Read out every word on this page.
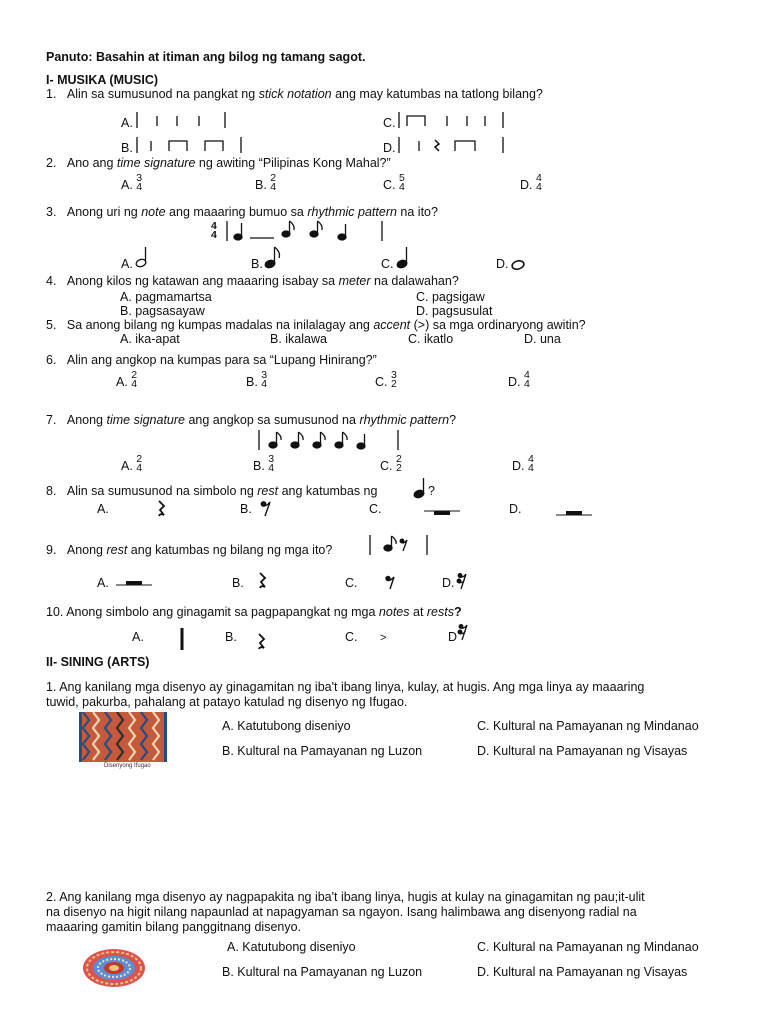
Panuto: Basahin at itiman ang bilog ng tamang sagot.
I- MUSIKA (MUSIC)
1. Alin sa sumusunod na pangkat ng stick notation ang may katumbas na tatlong bilang?
A.	C.
B.	D.
2. Ano ang time signature ng awiting “Pilipinas Kong Mahal?”
A. 3
4	B. 2
4	C. 5
4	D. 4
4
3. Anong uri ng note ang maaaring bumuo sa rhythmic pattern na ito?
4
4
A.	B.	C.	D.
4. Anong kilos ng katawan ang maaaring isabay sa meter na dalawahan?
A. pagmamartsa	C. pagsigaw
B. pagsasayaw	D. pagsusulat
5. Sa anong bilang ng kumpas madalas na inilalagay ang accent (>) sa mga ordinaryong awitin?
A. ika-apat	B. ikalawa	C. ikatlo	D. una
6. Alin ang angkop na kumpas para sa “Lupang Hinirang?”
A. 2
4	B. 3
4	C. 3
2	D. 4
4
7. Anong time signature ang angkop sa sumusunod na rhythmic pattern?
A. 2
4	B. 3
4	C. 2
2	D. 4
4
8. Alin sa sumusunod na simbolo ng rest ang katumbas ng	?
A.	B.	C.	D.
9. Anong rest ang katumbas ng bilang ng mga ito?
A.	B.	C.	D.
10. Anong simbolo ang ginagamit sa pagpapangkat ng mga notes at rests?
A.	B.	C. >	D
II- SINING (ARTS)
1. Ang kanilang mga disenyo ay ginagamitan ng iba't ibang linya, kulay, at hugis. Ang mga linya ay maaaring
tuwid, pakurba, pahalang at patayo katulad ng disenyo ng Ifugao.
Disenyong Ifugao
A. Katutubong diseniyo	C. Kultural na Pamayanan ng Mindanao
B. Kultural na Pamayanan ng Luzon	D. Kultural na Pamayanan ng Visayas
2. Ang kanilang mga disenyo ay nagpapakita ng iba't ibang linya, hugis at kulay na ginagamitan ng pau;it-ulit
na disenyo na higit nilang napaunlad at napagyaman sa ngayon. Isang halimbawa ang disenyong radial na
maaaring gamitin bilang panggitnang disenyo.
A. Katutubong diseniyo	C. Kultural na Pamayanan ng Mindanao
B. Kultural na Pamayanan ng Luzon	D. Kultural na Pamayanan ng Visayas
